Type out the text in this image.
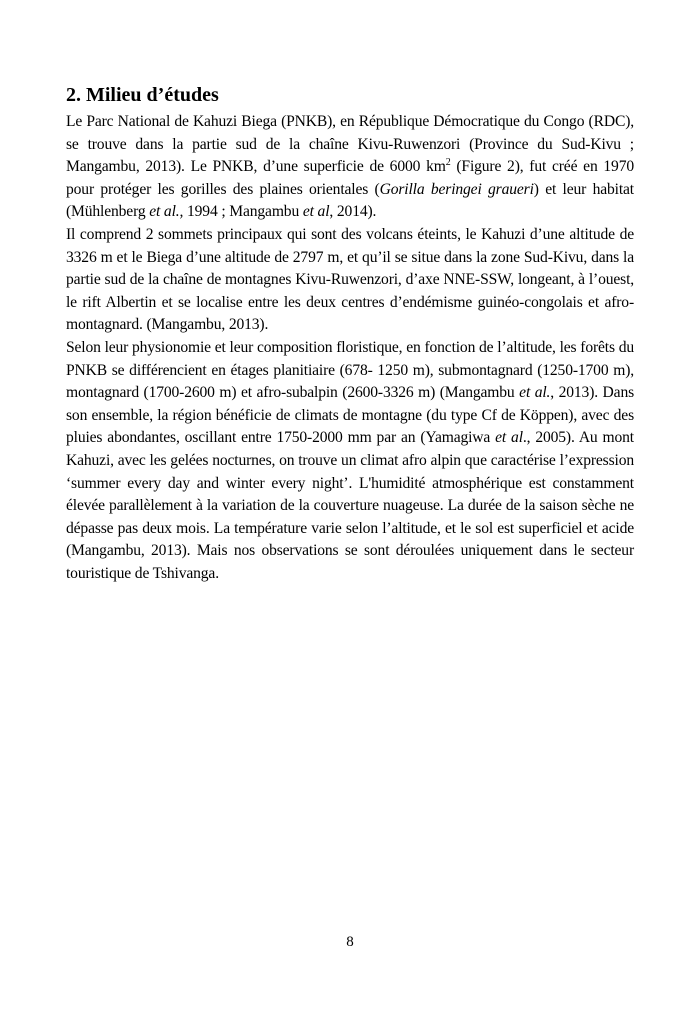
2. Milieu d’études

Le Parc National de Kahuzi Biega (PNKB), en République Démocratique du Congo (RDC), se trouve dans la partie sud de la chaîne Kivu-Ruwenzori (Province du Sud-Kivu ; Mangambu, 2013). Le PNKB, d’une superficie de 6000 $km^2$ (Figure 2), fut créé en 1970 pour protéger les gorilles des plaines orientales (Gorilla beringei graueri) et leur habitat (Mühlenberg et al., 1994 ; Mangambu et al, 2014).

Il comprend 2 sommets principaux qui sont des volcans éteints, le Kahuzi d’une altitude de 3326 m et le Biega d’une altitude de 2797 m, et qu’il se situe dans la zone Sud-Kivu, dans la partie sud de la chaîne de montagnes Kivu-Ruwenzori, d’axe NNE-SSW, longeant, à l’ouest, le rift Albertin et se localise entre les deux centres d’endémisme guinéo-congolais et afro-montagnard. (Mangambu, 2013).

Selon leur physionomie et leur composition floristique, en fonction de l’altitude, les forêts du PNKB se différencient en étages planitiaire (678- 1250 m), submontagnard (1250-1700 m), montagnard (1700-2600 m) et afro-subalpin (2600-3326 m) (Mangambu et al., 2013). Dans son ensemble, la région bénéficie de climats de montagne (du type Cf de Köppen), avec des pluies abondantes, oscillant entre 1750-2000 mm par an (Yamagiwa et al., 2005). Au mont Kahuzi, avec les gelées nocturnes, on trouve un climat afro alpin que caractérise l’expression ‘summer every day and winter every night’. L'humidité atmosphérique est constamment élevée parallèlement à la variation de la couverture nuageuse. La durée de la saison sèche ne dépasse pas deux mois. La température varie selon l’altitude, et le sol est superficiel et acide (Mangambu, 2013). Mais nos observations se sont déroulées uniquement dans le secteur touristique de Tshivanga.

8
